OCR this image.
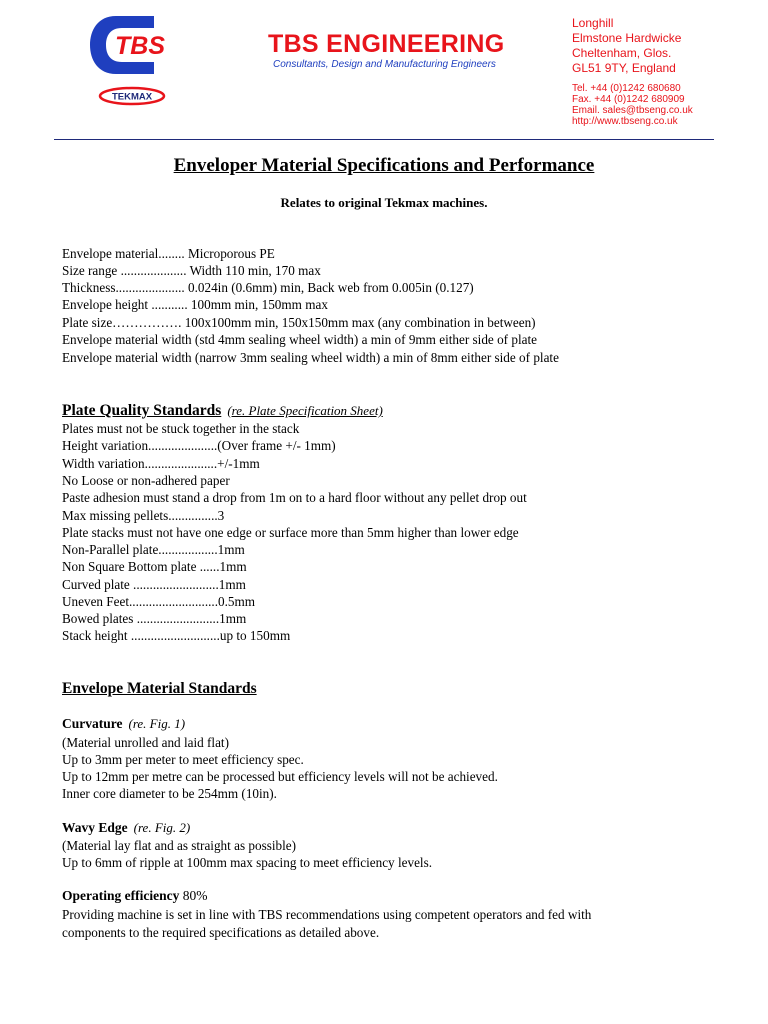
TBS
TEKMAX
TBS ENGINEERING
Consultants, Design and Manufacturing Engineers
Longhill
Elmstone Hardwicke
Cheltenham, Glos.
GL51 9TY, England
Tel. +44 (0)1242 680680
Fax. +44 (0)1242 680909
Email. sales@tbseng.co.uk
http://www.tbseng.co.uk
Enveloper Material Specifications and Performance
Relates to original Tekmax machines.
Envelope material........ Microporous PE
Size range .................... Width 110 min, 170 max
Thickness..................... 0.024in (0.6mm) min, Back web from 0.005in (0.127)
Envelope height ........... 100mm min, 150mm max
Plate size……………. 100x100mm min, 150x150mm max (any combination in between)
Envelope material width (std 4mm sealing wheel width) a min of 9mm either side of plate
Envelope material width (narrow 3mm sealing wheel width) a min of 8mm either side of plate
Plate Quality Standards (re. Plate Specification Sheet)
Plates must not be stuck together in the stack
Height variation.....................(Over frame +/- 1mm)
Width variation......................+/-1mm
No Loose or non-adhered paper
Paste adhesion must stand a drop from 1m on to a hard floor without any pellet drop out
Max missing pellets...............3
Plate stacks must not have one edge or surface more than 5mm higher than lower edge
Non-Parallel plate..................1mm
Non Square Bottom plate ......1mm
Curved plate ..........................1mm
Uneven Feet...........................0.5mm
Bowed plates .........................1mm
Stack height ...........................up to 150mm
Envelope Material Standards
Curvature (re. Fig. 1)
(Material unrolled and laid flat)
Up to 3mm per meter to meet efficiency spec.
Up to 12mm per metre can be processed but efficiency levels will not be achieved.
Inner core diameter to be 254mm (10in).
Wavy Edge (re. Fig. 2)
(Material lay flat and as straight as possible)
Up to 6mm of ripple at 100mm max spacing to meet efficiency levels.
Operating efficiency 80%
Providing machine is set in line with TBS recommendations using competent operators and fed with
components to the required specifications as detailed above.
